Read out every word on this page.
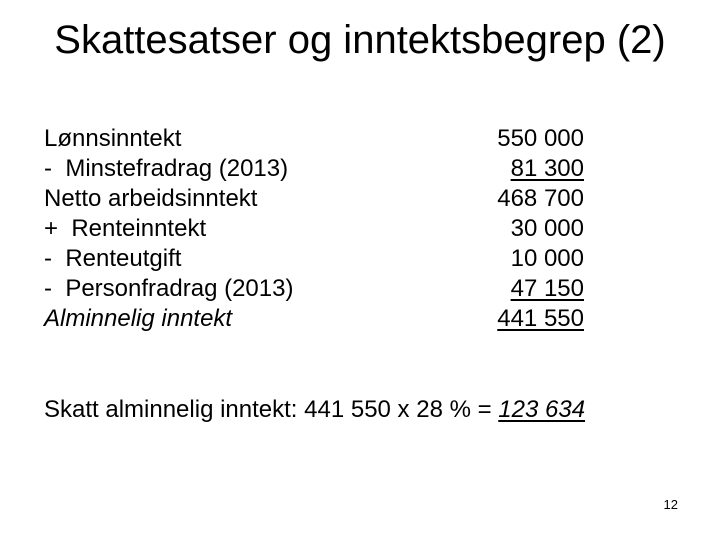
Skattesatser og inntektsbegrep (2)
Lønnsinntekt	550 000
-  Minstefradrag (2013)	81 300
Netto arbeidsinntekt	468 700
+  Renteinntekt	30 000
-  Renteutgift	10 000
-  Personfradrag (2013)	47 150
Alminnelig inntekt	441 550

Skatt alminnelig inntekt: 441 550 x 28 % = 123 634

12
